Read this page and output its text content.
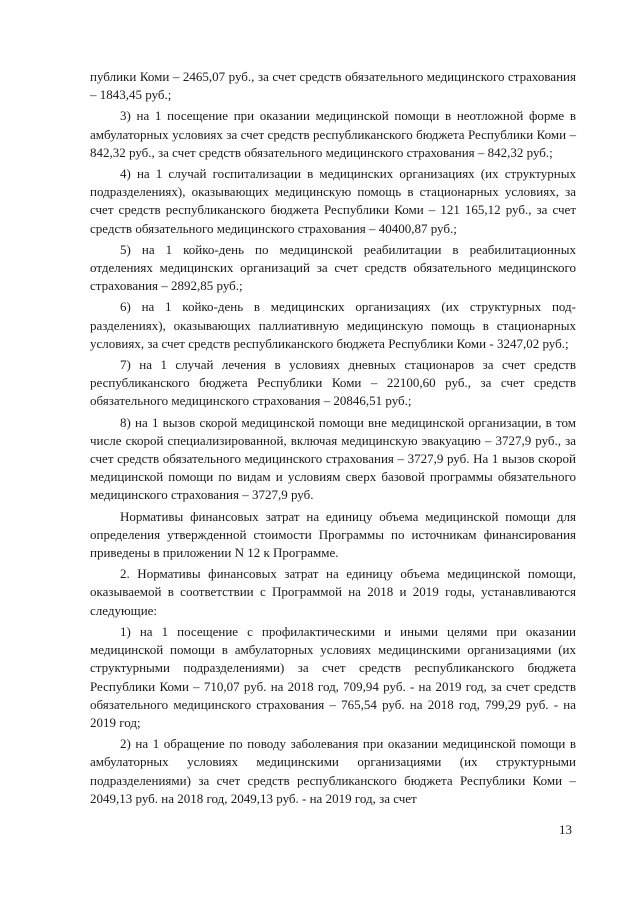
публики Коми – 2465,07 руб., за счет средств обязательного медицинского страхования – 1843,45 руб.;

3) на 1 посещение при оказании медицинской помощи в неотложной форме в амбулаторных условиях за счет средств республиканского бюджета Республики Коми – 842,32 руб., за счет средств обязательного медицинского страхования – 842,32 руб.;

4) на 1 случай госпитализации в медицинских организациях (их структурных подразделениях), оказывающих медицинскую помощь в стационарных условиях, за счет средств республиканского бюджета Республики Коми – 121 165,12 руб., за счет средств обязательного медицинского страхования – 40400,87 руб.;

5) на 1 койко-день по медицинской реабилитации в реабилитационных отделениях медицинских организаций за счет средств обязательного медицинского страхования – 2892,85 руб.;

6) на 1 койко-день в медицинских организациях (их структурных подразделениях), оказывающих паллиативную медицинскую помощь в стационарных условиях, за счет средств республиканского бюджета Республики Коми - 3247,02 руб.;

7) на 1 случай лечения в условиях дневных стационаров за счет средств республиканского бюджета Республики Коми – 22100,60 руб., за счет средств обязательного медицинского страхования – 20846,51 руб.;

8) на 1 вызов скорой медицинской помощи вне медицинской организации, в том числе скорой специализированной, включая медицинскую эвакуацию – 3727,9 руб., за счет средств обязательного медицинского страхования – 3727,9 руб. На 1 вызов скорой медицинской помощи по видам и условиям сверх базовой программы обязательного медицинского страхования – 3727,9 руб.

Нормативы финансовых затрат на единицу объема медицинской помощи для определения утвержденной стоимости Программы по источникам финансирования приведены в приложении N 12 к Программе.

2. Нормативы финансовых затрат на единицу объема медицинской помощи, оказываемой в соответствии с Программой на 2018 и 2019 годы, устанавливаются следующие:

1) на 1 посещение с профилактическими и иными целями при оказании медицинской помощи в амбулаторных условиях медицинскими организациями (их структурными подразделениями) за счет средств республиканского бюджета Республики Коми – 710,07 руб. на 2018 год, 709,94 руб. - на 2019 год, за счет средств обязательного медицинского страхования – 765,54 руб. на 2018 год, 799,29 руб. - на 2019 год;

2) на 1 обращение по поводу заболевания при оказании медицинской помощи в амбулаторных условиях медицинскими организациями (их структурными подразделениями) за счет средств республиканского бюджета Республики Коми – 2049,13 руб. на 2018 год, 2049,13 руб. - на 2019 год, за счет

13
